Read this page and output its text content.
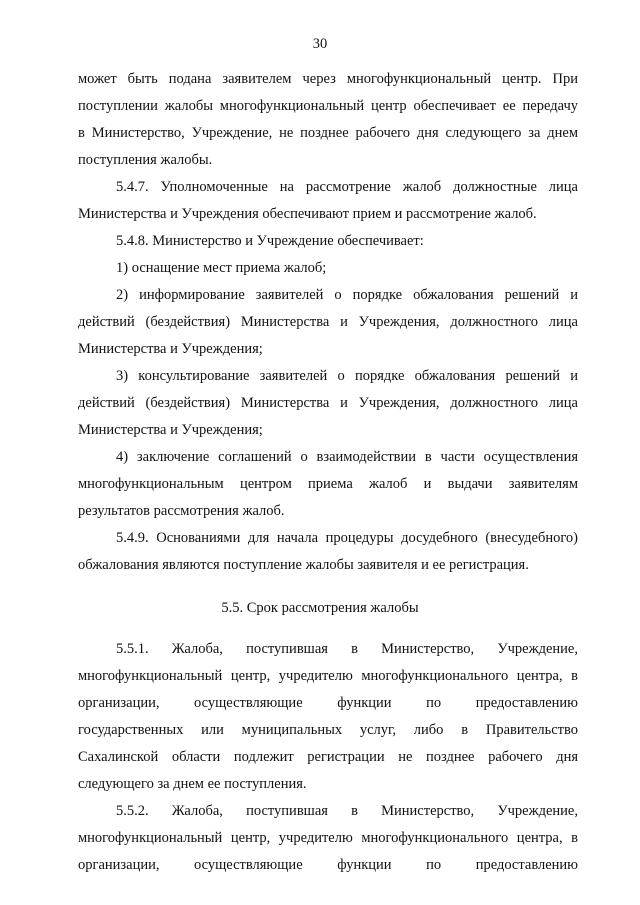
30
может быть подана заявителем через многофункциональный центр. При
поступлении жалобы многофункциональный центр обеспечивает ее передачу
в Министерство, Учреждение, не позднее рабочего дня следующего за днем
поступления жалобы.
5.4.7. Уполномоченные на рассмотрение жалоб должностные лица
Министерства и Учреждения обеспечивают прием и рассмотрение жалоб.
5.4.8. Министерство и Учреждение обеспечивает:
1) оснащение мест приема жалоб;
2) информирование заявителей о порядке обжалования решений и
действий (бездействия) Министерства и Учреждения, должностного лица
Министерства и Учреждения;
3) консультирование заявителей о порядке обжалования решений и
действий (бездействия) Министерства и Учреждения, должностного лица
Министерства и Учреждения;
4) заключение соглашений о взаимодействии в части осуществления
многофункциональным центром приема жалоб и выдачи заявителям
результатов рассмотрения жалоб.
5.4.9. Основаниями для начала процедуры досудебного (внесудебного)
обжалования являются поступление жалобы заявителя и ее регистрация.
5.5. Срок рассмотрения жалобы
5.5.1. Жалоба, поступившая в Министерство, Учреждение,
многофункциональный центр, учредителю многофункционального центра, в
организации, осуществляющие функции по предоставлению
государственных или муниципальных услуг, либо в Правительство
Сахалинской области подлежит регистрации не позднее рабочего дня
следующего за днем ее поступления.
5.5.2. Жалоба, поступившая в Министерство, Учреждение,
многофункциональный центр, учредителю многофункционального центра, в
организации, осуществляющие функции по предоставлению
